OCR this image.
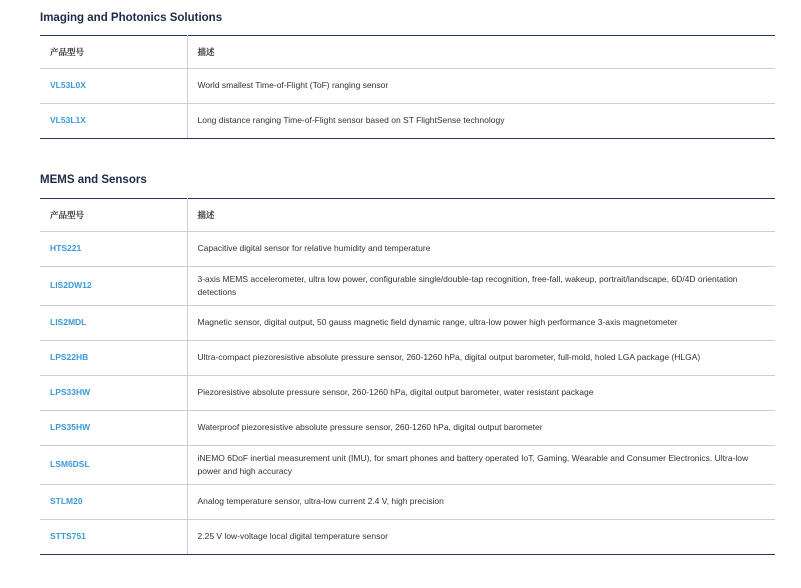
Imaging and Photonics Solutions
产品型号	描述
VL53L0X	World smallest Time-of-Flight (ToF) ranging sensor
VL53L1X	Long distance ranging Time-of-Flight sensor based on ST FlightSense technology
MEMS and Sensors
产品型号	描述
HTS221	Capacitive digital sensor for relative humidity and temperature
LIS2DW12	3-axis MEMS accelerometer, ultra low power, configurable single/double-tap recognition, free-fall, wakeup, portrait/landscape, 6D/4D orientation detections
LIS2MDL	Magnetic sensor, digital output, 50 gauss magnetic field dynamic range, ultra-low power high performance 3-axis magnetometer
LPS22HB	Ultra-compact piezoresistive absolute pressure sensor, 260-1260 hPa, digital output barometer, full-mold, holed LGA package (HLGA)
LPS33HW	Piezoresistive absolute pressure sensor, 260-1260 hPa, digital output barometer, water resistant package
LPS35HW	Waterproof piezoresistive absolute pressure sensor, 260-1260 hPa, digital output barometer
LSM6DSL	iNEMO 6DoF inertial measurement unit (IMU), for smart phones and battery operated IoT, Gaming, Wearable and Consumer Electronics. Ultra-low power and high accuracy
STLM20	Analog temperature sensor, ultra-low current 2.4 V, high precision
STTS751	2.25 V low-voltage local digital temperature sensor
